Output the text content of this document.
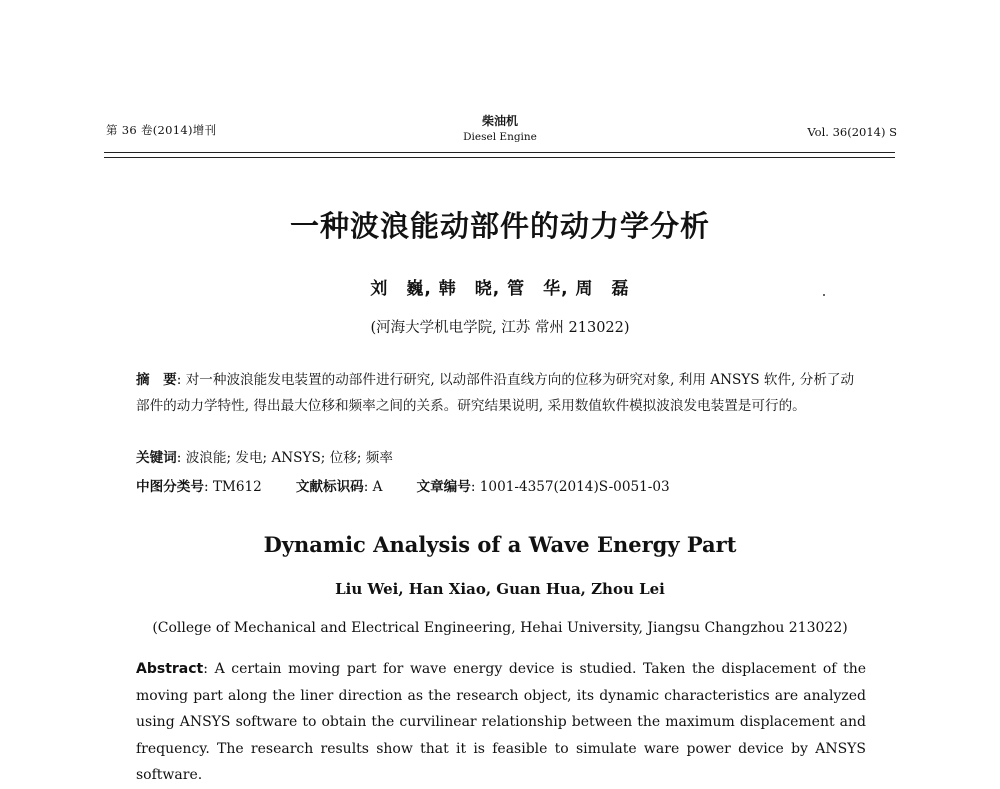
第 36 卷(2014)增刊
柴油机
Diesel Engine	Vol. 36(2014) S
一种波浪能动部件的动力学分析
刘　巍, 韩　晓, 管　华, 周　磊
(河海大学机电学院, 江苏 常州 213022)
摘　要: 对一种波浪能发电装置的动部件进行研究, 以动部件沿直线方向的位移为研究对象, 利用 ANSYS 软件, 分析了动部件的动力学特性, 得出最大位移和频率之间的关系。研究结果说明, 采用数值软件模拟波浪发电装置是可行的。
关键词: 波浪能; 发电; ANSYS; 位移; 频率
中图分类号: TM612	文献标识码: A	文章编号: 1001-4357(2014)S-0051-03
Dynamic Analysis of a Wave Energy Part
Liu Wei, Han Xiao, Guan Hua, Zhou Lei
(College of Mechanical and Electrical Engineering, Hehai University, Jiangsu Changzhou 213022)
Abstract: A certain moving part for wave energy device is studied. Taken the displacement of the moving part along the liner direction as the research object, its dynamic characteristics are analyzed using ANSYS software to obtain the curvilinear relationship between the maximum displacement and frequency. The research results show that it is feasible to simulate ware power device by ANSYS software.
